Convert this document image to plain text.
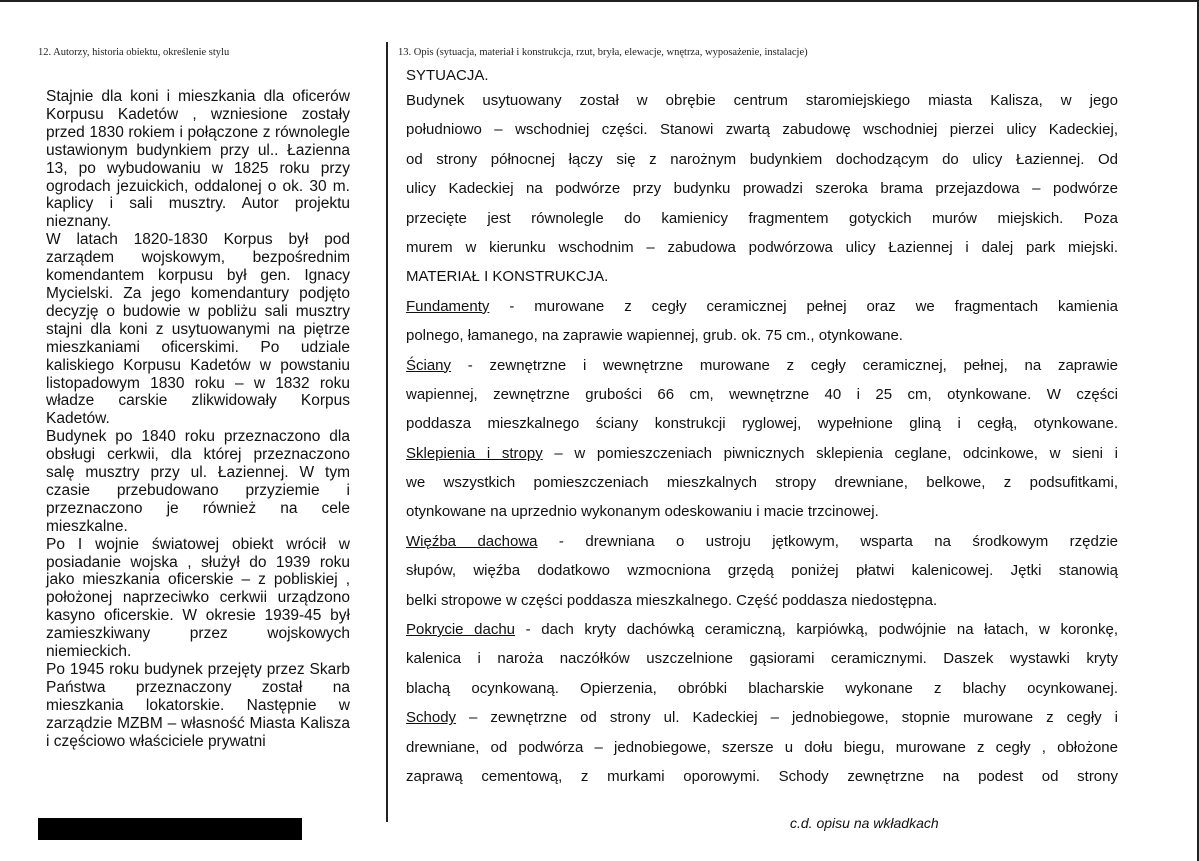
12. Autorzy, historia obiektu, określenie stylu	13. Opis (sytuacja, materiał i konstrukcja, rzut, bryła, elewacje, wnętrza, wyposażenie, instalacje)

Stajnie dla koni i mieszkania dla oficerów Korpusu Kadetów , wzniesione zostały przed 1830 rokiem i połączone z równolegle ustawionym budynkiem przy ul.. Łazienna 13, po wybudowaniu w 1825 roku przy ogrodach jezuickich, oddalonej o ok. 30 m. kaplicy i sali musztry. Autor projektu nieznany.

W latach 1820-1830 Korpus był pod zarządem wojskowym, bezpośrednim komendantem korpusu był gen. Ignacy Mycielski. Za jego komendantury podjęto decyzję o budowie w pobliżu sali musztry stajni dla koni z usytuowanymi na piętrze mieszkaniami oficerskimi. Po udziale kaliskiego Korpusu Kadetów w powstaniu listopadowym 1830 roku – w 1832 roku władze carskie zlikwidowały Korpus Kadetów.

Budynek po 1840 roku przeznaczono dla obsługi cerkwii, dla której przeznaczono salę musztry przy ul. Łaziennej. W tym czasie przebudowano przyziemie i przeznaczono je również na cele mieszkalne.

Po I wojnie światowej obiekt wrócił w posiadanie wojska , służył do 1939 roku jako mieszkania oficerskie – z pobliskiej , położonej naprzeciwko cerkwii urządzono kasyno oficerskie. W okresie 1939-45 był zamieszkiwany przez wojskowych niemieckich.

Po 1945 roku budynek przejęty przez Skarb Państwa przeznaczony został na mieszkania lokatorskie. Następnie w zarządzie MZBM – własność Miasta Kalisza i częściowo właściciele prywatni

SYTUACJA.
Budynek usytuowany został w obrębie centrum staromiejskiego miasta Kalisza, w jego
południowo – wschodniej części. Stanowi zwartą zabudowę wschodniej pierzei ulicy Kadeckiej,
od strony północnej łączy się z narożnym budynkiem dochodzącym do ulicy Łaziennej. Od
ulicy Kadeckiej na podwórze przy budynku prowadzi szeroka brama przejazdowa – podwórze
przecięte jest równolegle do kamienicy fragmentem gotyckich murów miejskich. Poza
murem w kierunku wschodnim – zabudowa podwórzowa ulicy Łaziennej i dalej park miejski.
MATERIAŁ I KONSTRUKCJA.
Fundamenty - murowane z cegły ceramicznej pełnej oraz we fragmentach kamienia
polnego, łamanego, na zaprawie wapiennej, grub. ok. 75 cm., otynkowane.
Ściany - zewnętrzne i wewnętrzne murowane z cegły ceramicznej, pełnej, na zaprawie
wapiennej, zewnętrzne grubości 66 cm, wewnętrzne 40 i 25 cm, otynkowane. W części
poddasza mieszkalnego ściany konstrukcji ryglowej, wypełnione gliną i cegłą, otynkowane.
Sklepienia i stropy – w pomieszczeniach piwnicznych sklepienia ceglane, odcinkowe, w sieni i
we wszystkich pomieszczeniach mieszkalnych stropy drewniane, belkowe, z podsufitkami,
otynkowane na uprzednio wykonanym odeskowaniu i macie trzcinowej.
Więźba dachowa - drewniana o ustroju jętkowym, wsparta na środkowym rzędzie
słupów, więźba dodatkowo wzmocniona grzędą poniżej płatwi kalenicowej. Jętki stanowią
belki stropowe w części poddasza mieszkalnego. Część poddasza niedostępna.
Pokrycie dachu - dach kryty dachówką ceramiczną, karpiówką, podwójnie na łatach, w koronkę,
kalenica i naroża naczółków uszczelnione gąsiorami ceramicznymi. Daszek wystawki kryty
blachą ocynkowaną. Opierzenia, obróbki blacharskie wykonane z blachy ocynkowanej.
Schody – zewnętrzne od strony ul. Kadeckiej – jednobiegowe, stopnie murowane z cegły i
drewniane, od podwórza – jednobiegowe, szersze u dołu biegu, murowane z cegły , obłożone
zaprawą cementową, z murkami oporowymi. Schody zewnętrzne na podest od strony
c.d. opisu na wkładkach
